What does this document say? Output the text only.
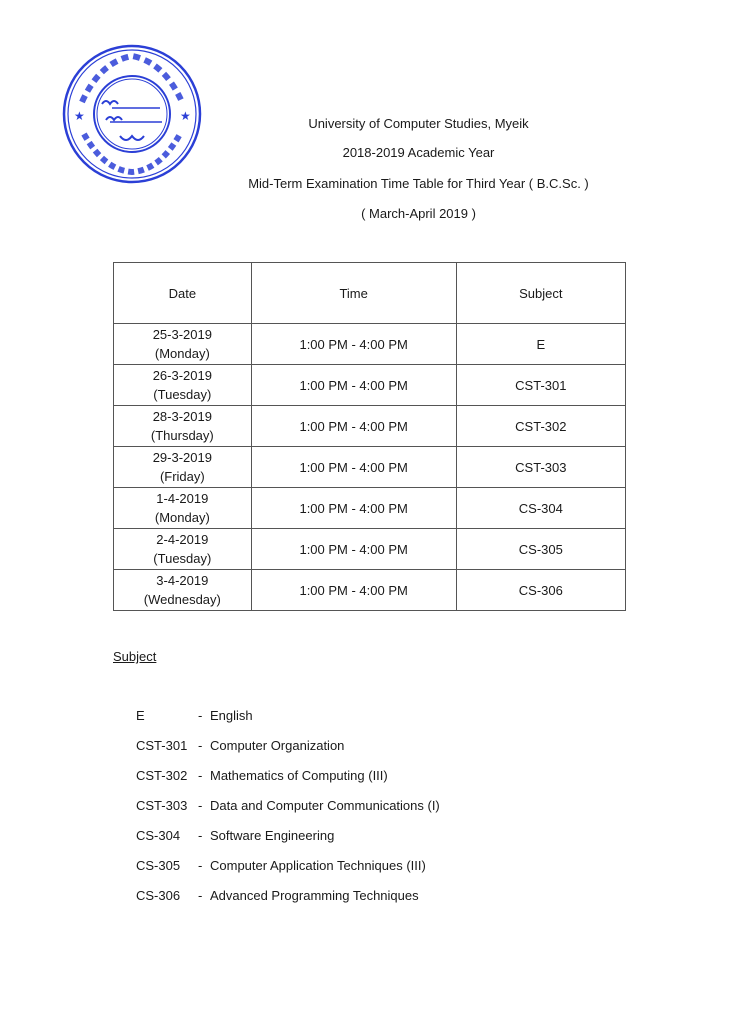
★	★	University of Computer Studies, Myeik
2018-2019 Academic Year
Mid-Term Examination Time Table for Third Year ( B.C.Sc. )
( March-April 2019 )
Date	Time	Subject
25-3-2019
(Monday)	1:00 PM - 4:00 PM	E
26-3-2019
(Tuesday)	1:00 PM - 4:00 PM	CST-301
28-3-2019
(Thursday)	1:00 PM - 4:00 PM	CST-302
29-3-2019
(Friday)	1:00 PM - 4:00 PM	CST-303
1-4-2019
(Monday)	1:00 PM - 4:00 PM	CS-304
2-4-2019
(Tuesday)	1:00 PM - 4:00 PM	CS-305
3-4-2019
(Wednesday)	1:00 PM - 4:00 PM	CS-306
Subject
E	- English
CST-301 - Computer Organization
CST-302 - Mathematics of Computing (III)
CST-303 - Data and Computer Communications (I)
CS-304	- Software Engineering
CS-305	- Computer Application Techniques (III)
CS-306	- Advanced Programming Techniques
